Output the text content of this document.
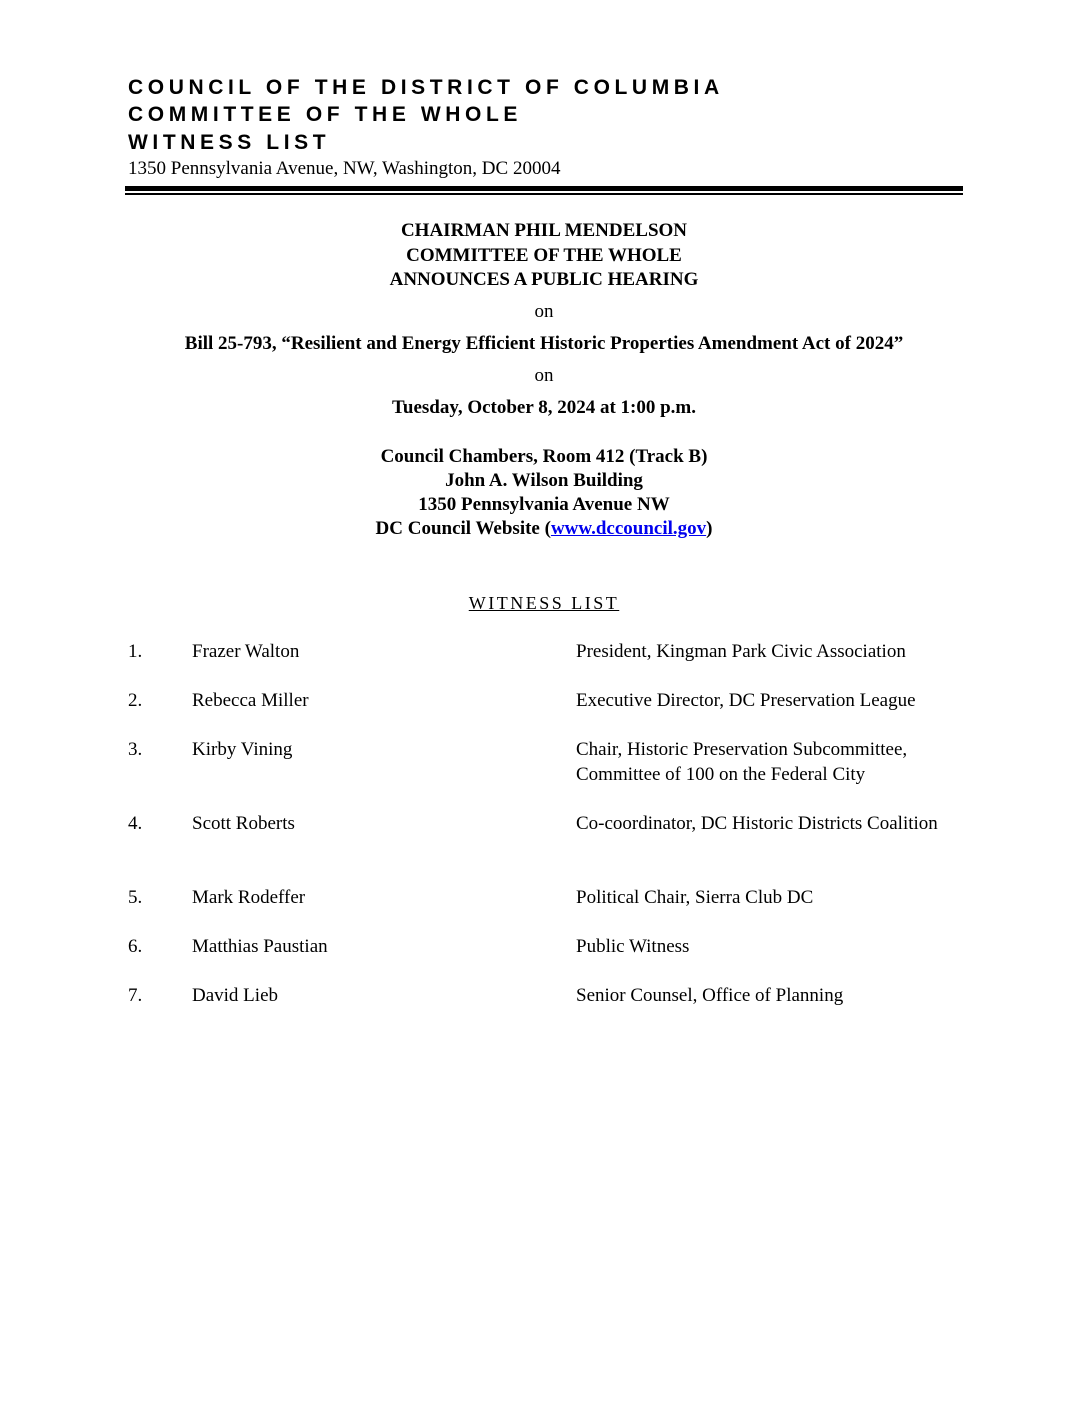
COUNCIL OF THE DISTRICT OF COLUMBIA
COMMITTEE OF THE WHOLE
WITNESS LIST
1350 Pennsylvania Avenue, NW, Washington, DC 20004

CHAIRMAN PHIL MENDELSON

COMMITTEE OF THE WHOLE

ANNOUNCES A PUBLIC HEARING

on

Bill 25-793, “Resilient and Energy Efficient Historic Properties Amendment Act of 2024”

on

Tuesday, October 8, 2024 at 1:00 p.m.

Council Chambers, Room 412 (Track B)

John A. Wilson Building

1350 Pennsylvania Avenue NW

DC Council Website (www.dccouncil.gov)

WITNESS LIST
1.	Frazer Walton	President, Kingman Park Civic Association
2.	Rebecca Miller	Executive Director, DC Preservation League
3.	Kirby Vining	Chair, Historic Preservation Subcommittee, Committee of 100 on the Federal City
4.	Scott Roberts	Co-coordinator, DC Historic Districts Coalition
5.	Mark Rodeffer	Political Chair, Sierra Club DC
6.	Matthias Paustian	Public Witness
7.	David Lieb	Senior Counsel, Office of Planning
